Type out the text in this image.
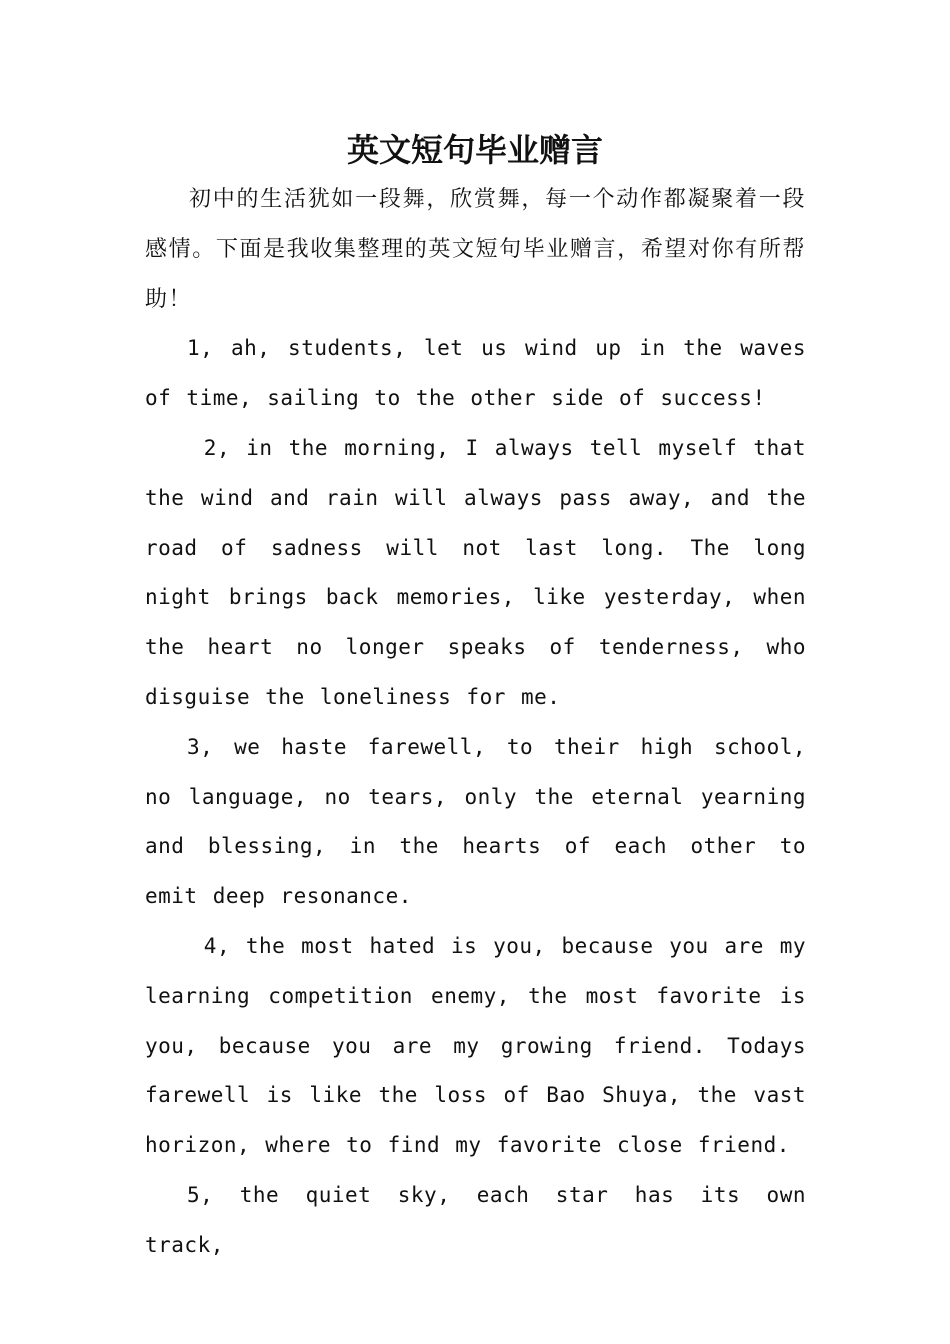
英文短句毕业赠言

初中的生活犹如一段舞，欣赏舞，每一个动作都凝聚着一段感情。下面是我收集整理的英文短句毕业赠言，希望对你有所帮助！

1, ah, students, let us wind up in the waves of time, sailing to the other side of success!

2, in the morning, I always tell myself that the wind and rain will always pass away, and the road of sadness will not last long. The long night brings back memories, like yesterday, when the heart no longer speaks of tenderness, who disguise the loneliness for me.

3, we haste farewell, to their high school, no language, no tears, only the eternal yearning and blessing, in the hearts of each other to emit deep resonance.

4, the most hated is you, because you are my learning competition enemy, the most favorite is you, because you are my growing friend. Todays farewell is like the loss of Bao Shuya, the vast horizon, where to find my favorite close friend.

5, the quiet sky, each star has its own track,
